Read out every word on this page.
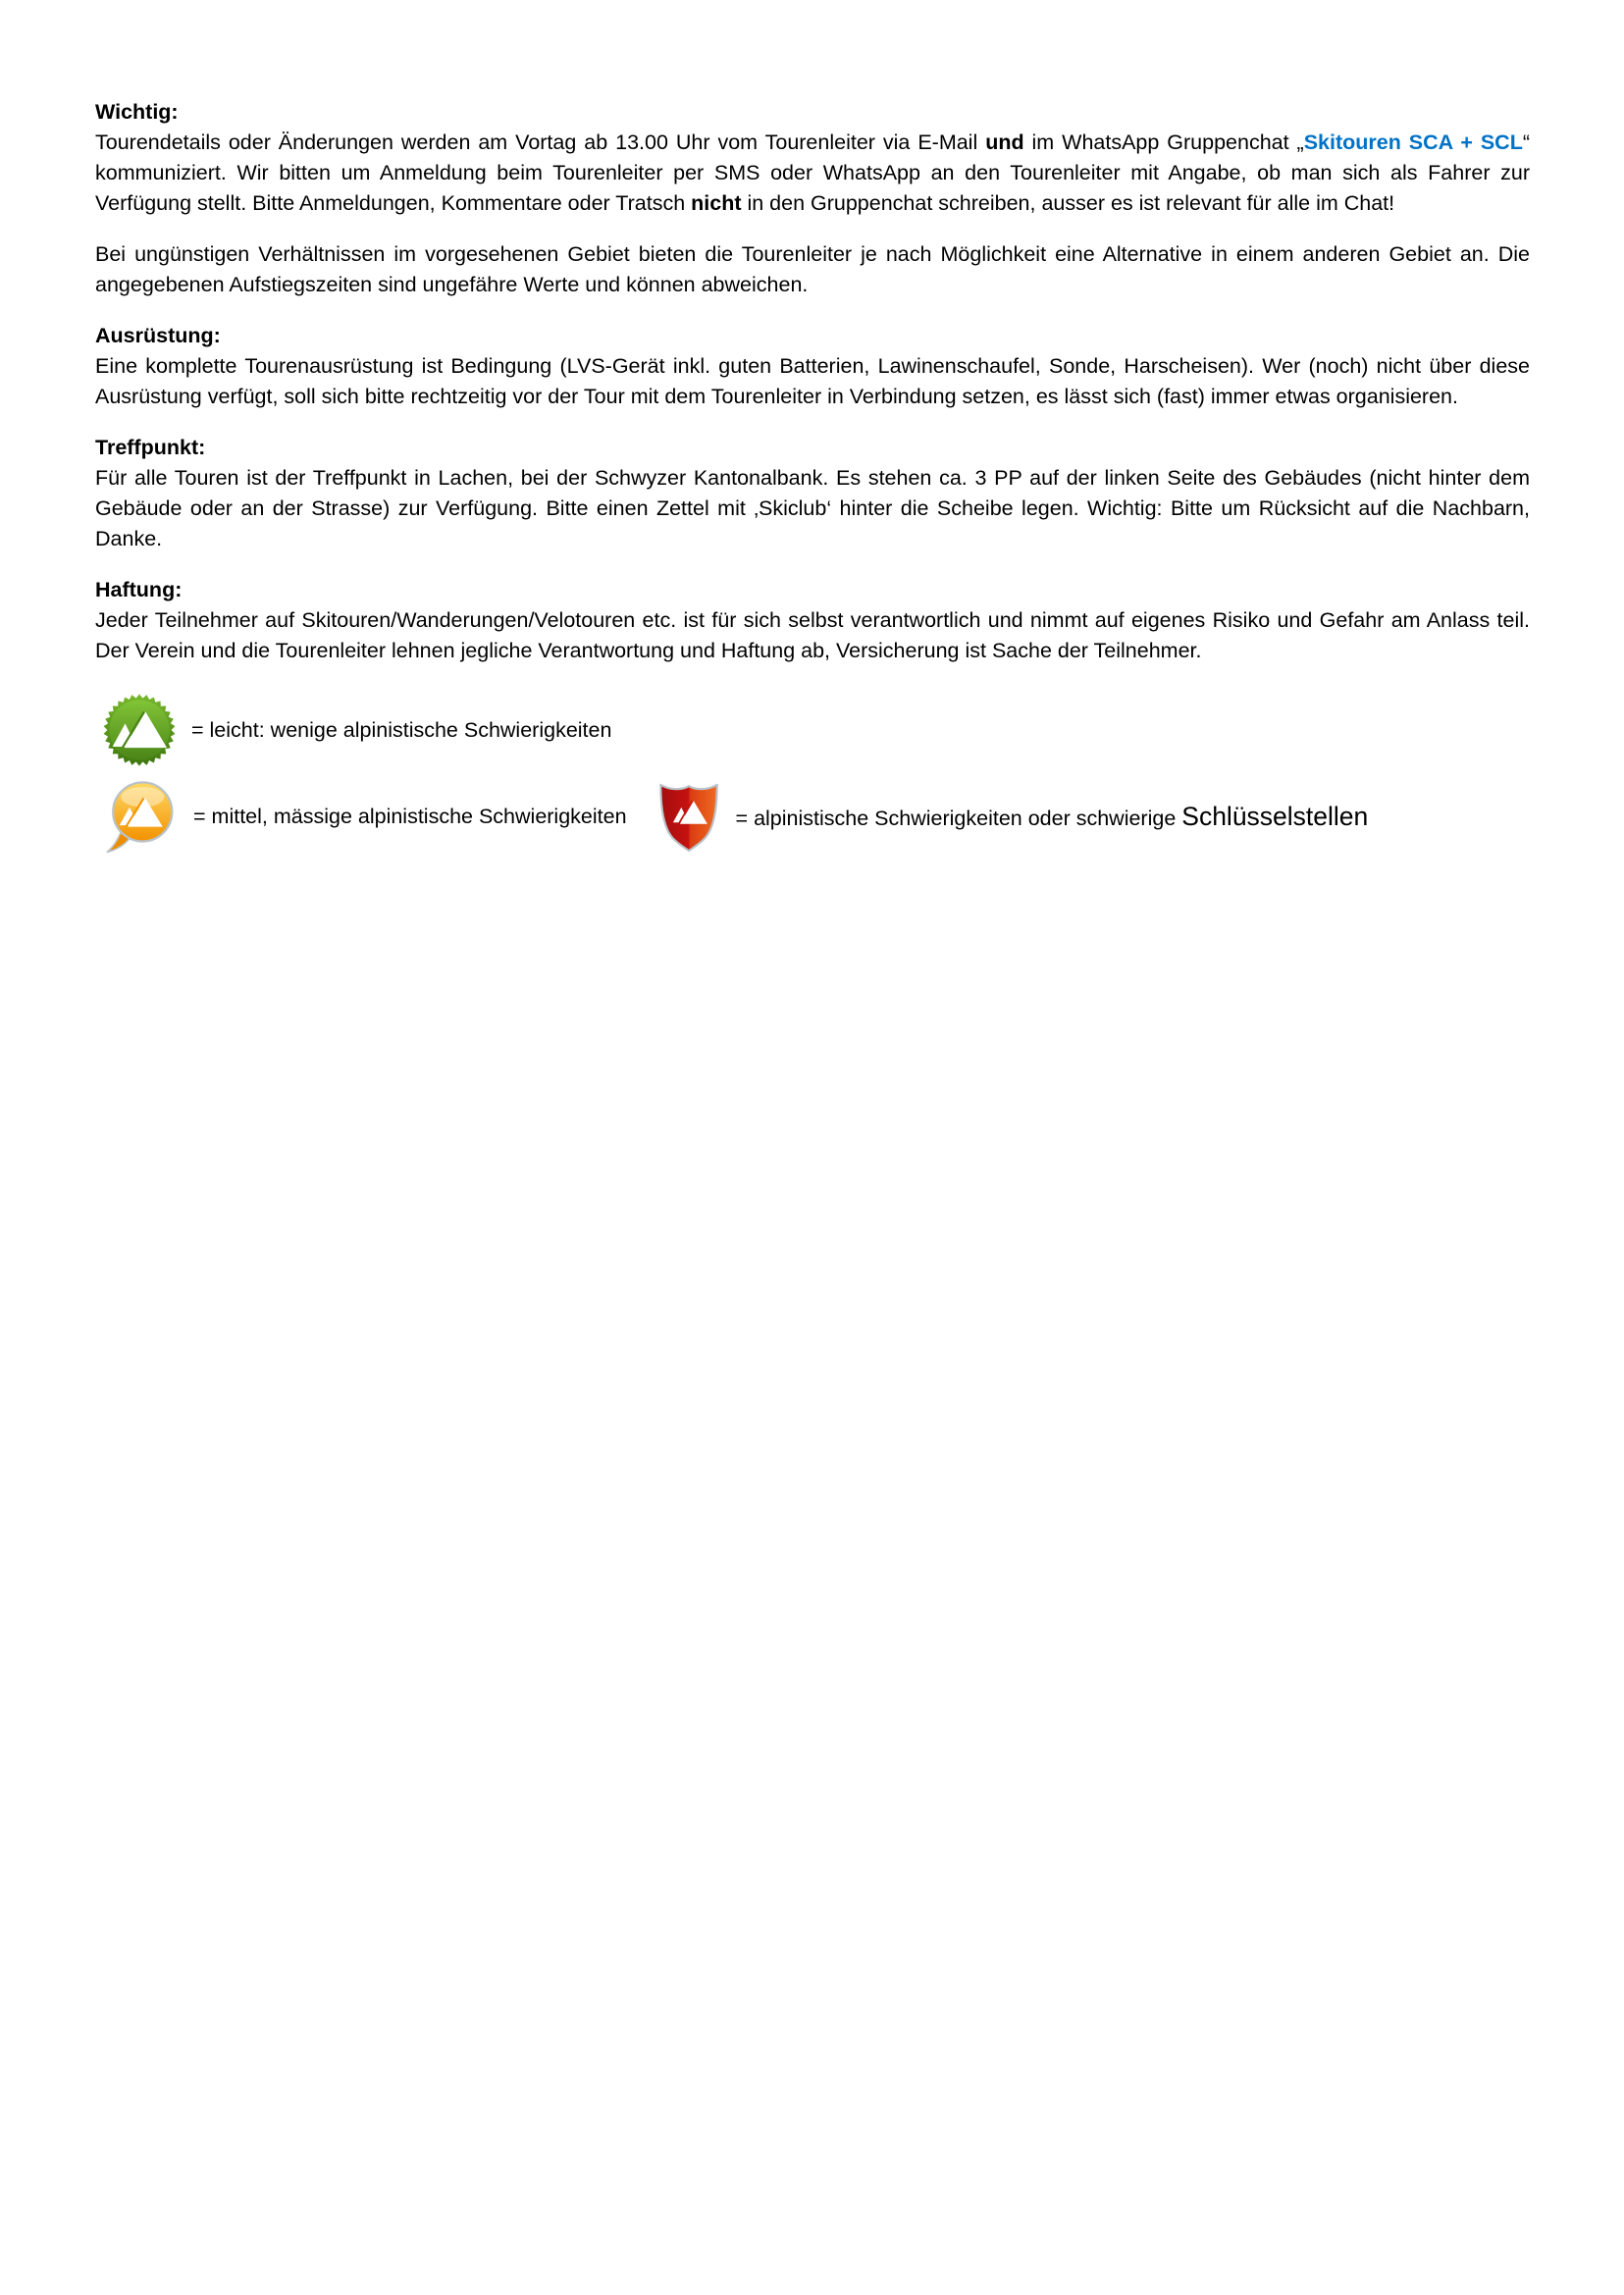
Wichtig:

Tourendetails oder Änderungen werden am Vortag ab 13.00 Uhr vom Tourenleiter via E-Mail und im WhatsApp Gruppenchat „Skitouren SCA + SCL“ kommuniziert. Wir bitten um Anmeldung beim Tourenleiter per SMS oder WhatsApp an den Tourenleiter mit Angabe, ob man sich als Fahrer zur Verfügung stellt. Bitte Anmeldungen, Kommentare oder Tratsch nicht in den Gruppenchat schreiben, ausser es ist relevant für alle im Chat!

Bei ungünstigen Verhältnissen im vorgesehenen Gebiet bieten die Tourenleiter je nach Möglichkeit eine Alternative in einem anderen Gebiet an. Die angegebenen Aufstiegszeiten sind ungefähre Werte und können abweichen.

Ausrüstung:

Eine komplette Tourenausrüstung ist Bedingung (LVS-Gerät inkl. guten Batterien, Lawinenschaufel, Sonde, Harscheisen). Wer (noch) nicht über diese Ausrüstung verfügt, soll sich bitte rechtzeitig vor der Tour mit dem Tourenleiter in Verbindung setzen, es lässt sich (fast) immer etwas organisieren.

Treffpunkt:

Für alle Touren ist der Treffpunkt in Lachen, bei der Schwyzer Kantonalbank. Es stehen ca. 3 PP auf der linken Seite des Gebäudes (nicht hinter dem Gebäude oder an der Strasse) zur Verfügung. Bitte einen Zettel mit ‚Skiclub‘ hinter die Scheibe legen. Wichtig: Bitte um Rücksicht auf die Nachbarn, Danke.

Haftung:

Jeder Teilnehmer auf Skitouren/Wanderungen/Velotouren etc. ist für sich selbst verantwortlich und nimmt auf eigenes Risiko und Gefahr am Anlass teil. Der Verein und die Tourenleiter lehnen jegliche Verantwortung und Haftung ab, Versicherung ist Sache der Teilnehmer.

= leicht: wenige alpinistische Schwierigkeiten
= mittel, mässige alpinistische Schwierigkeiten	= alpinistische Schwierigkeiten oder schwierige Schlüsselstellen
